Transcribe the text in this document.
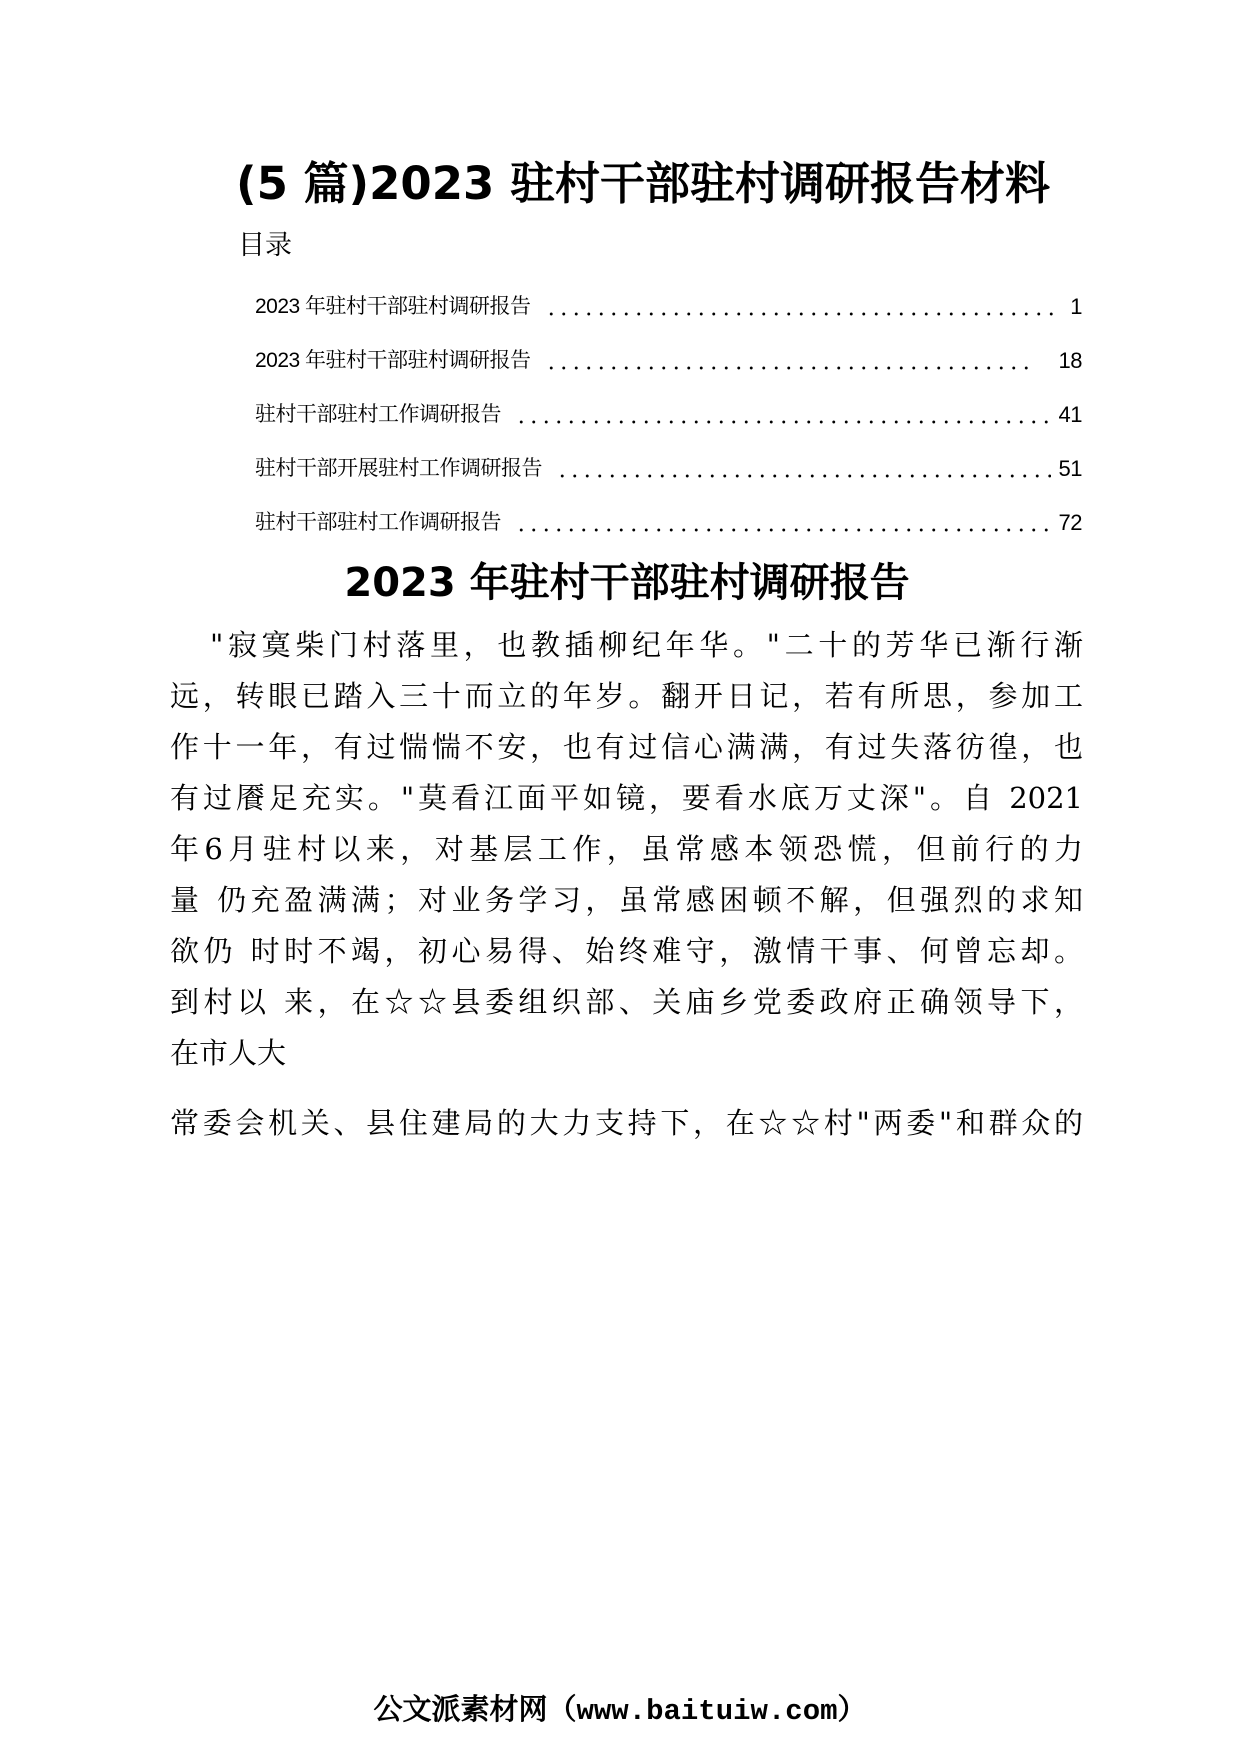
(5 篇)2023 驻村干部驻村调研报告材料
目录
2023 年驻村干部驻村调研报告	1
2023 年驻村干部驻村调研报告	18
驻村干部驻村工作调研报告	41
驻村干部开展驻村工作调研报告	51
驻村干部驻村工作调研报告	72
2023 年驻村干部驻村调研报告
"寂寞柴门村落里，也教插柳纪年华。"二十的芳华已渐行渐
远，转眼已踏入三十而立的年岁。翻开日记，若有所思，参加工
作十一年，有过惴惴不安，也有过信心满满，有过失落彷徨，也
有过餍足充实。"莫看江面平如镜，要看水底万丈深"。自 2021
年6月驻村以来，对基层工作，虽常感本领恐慌，但前行的力
量 仍充盈满满；对业务学习，虽常感困顿不解，但强烈的求知
欲仍 时时不竭，初心易得、始终难守，激情干事、何曾忘却。
到村以 来，在☆☆县委组织部、关庙乡党委政府正确领导下，
在市人大
常委会机关、县住建局的大力支持下，在☆☆村"两委"和群众的
公文派素材网（www.baituiw.com）
